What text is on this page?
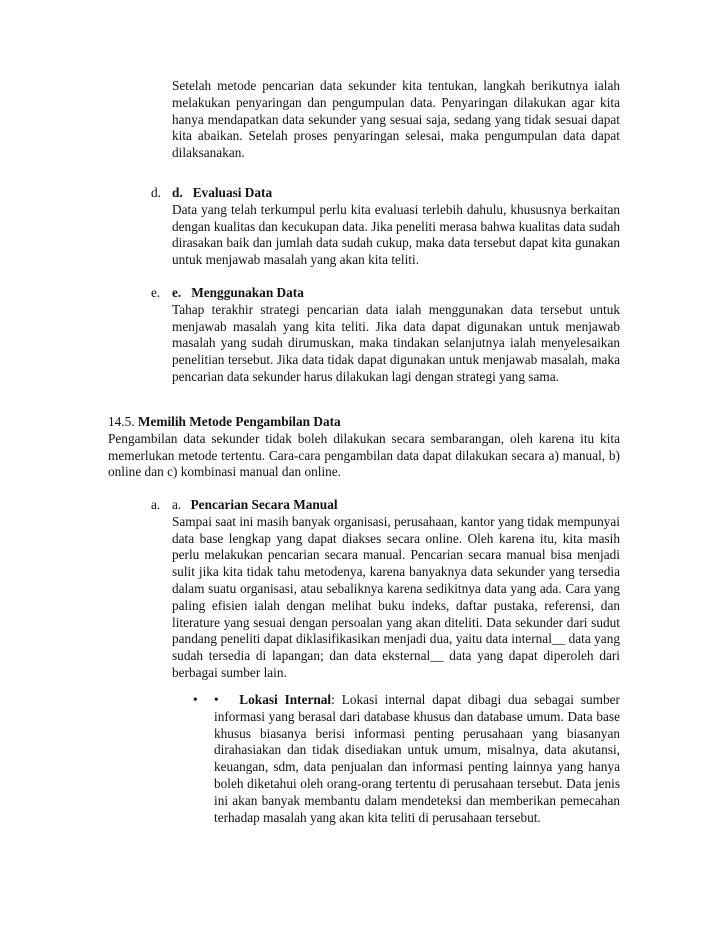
Setelah metode pencarian data sekunder kita tentukan, langkah berikutnya ialah melakukan penyaringan dan pengumpulan data. Penyaringan dilakukan agar kita hanya mendapatkan data sekunder yang sesuai saja, sedang yang tidak sesuai dapat kita abaikan. Setelah proses penyaringan selesai, maka pengumpulan data dapat dilaksanakan.

d. d.   Evaluasi Data

Data yang telah terkumpul perlu kita evaluasi terlebih dahulu, khususnya berkaitan dengan kualitas dan kecukupan data. Jika peneliti merasa bahwa kualitas data sudah dirasakan baik dan jumlah data sudah cukup, maka data tersebut dapat kita gunakan untuk menjawab masalah yang akan kita teliti.

e. e.   Menggunakan Data

Tahap terakhir strategi pencarian data ialah menggunakan data tersebut untuk menjawab masalah yang kita teliti. Jika data dapat digunakan untuk menjawab masalah yang sudah dirumuskan, maka tindakan selanjutnya ialah menyelesaikan penelitian tersebut. Jika data tidak dapat digunakan untuk menjawab masalah, maka pencarian data sekunder harus dilakukan lagi dengan strategi yang sama.

14.5. Memilih Metode Pengambilan Data

Pengambilan data sekunder tidak boleh dilakukan secara sembarangan, oleh karena itu kita memerlukan metode tertentu. Cara-cara pengambilan data dapat dilakukan secara a) manual, b) online dan c) kombinasi manual dan online.

a. a. Pencarian Secara Manual

Sampai saat ini masih banyak organisasi, perusahaan, kantor yang tidak mempunyai data base lengkap yang dapat diakses secara online. Oleh karena itu, kita masih perlu melakukan pencarian secara manual. Pencarian secara manual bisa menjadi sulit jika kita tidak tahu metodenya, karena banyaknya data sekunder yang tersedia dalam suatu organisasi, atau sebaliknya karena sedikitnya data yang ada. Cara yang paling efisien ialah dengan melihat buku indeks, daftar pustaka, referensi, dan literature yang sesuai dengan persoalan yang akan diteliti. Data sekunder dari sudut pandang peneliti dapat diklasifikasikan menjadi dua, yaitu data internal__ data yang sudah tersedia di lapangan; dan data eksternal__ data yang dapat diperoleh dari berbagai sumber lain.

• • Lokasi Internal: Lokasi internal dapat dibagi dua sebagai sumber informasi yang berasal dari database khusus dan database umum. Data base khusus biasanya berisi informasi penting perusahaan yang biasanyan dirahasiakan dan tidak disediakan untuk umum, misalnya, data akutansi, keuangan, sdm, data penjualan dan informasi penting lainnya yang hanya boleh diketahui oleh orang-orang tertentu di perusahaan tersebut. Data jenis ini akan banyak membantu dalam mendeteksi dan memberikan pemecahan terhadap masalah yang akan kita teliti di perusahaan tersebut.
